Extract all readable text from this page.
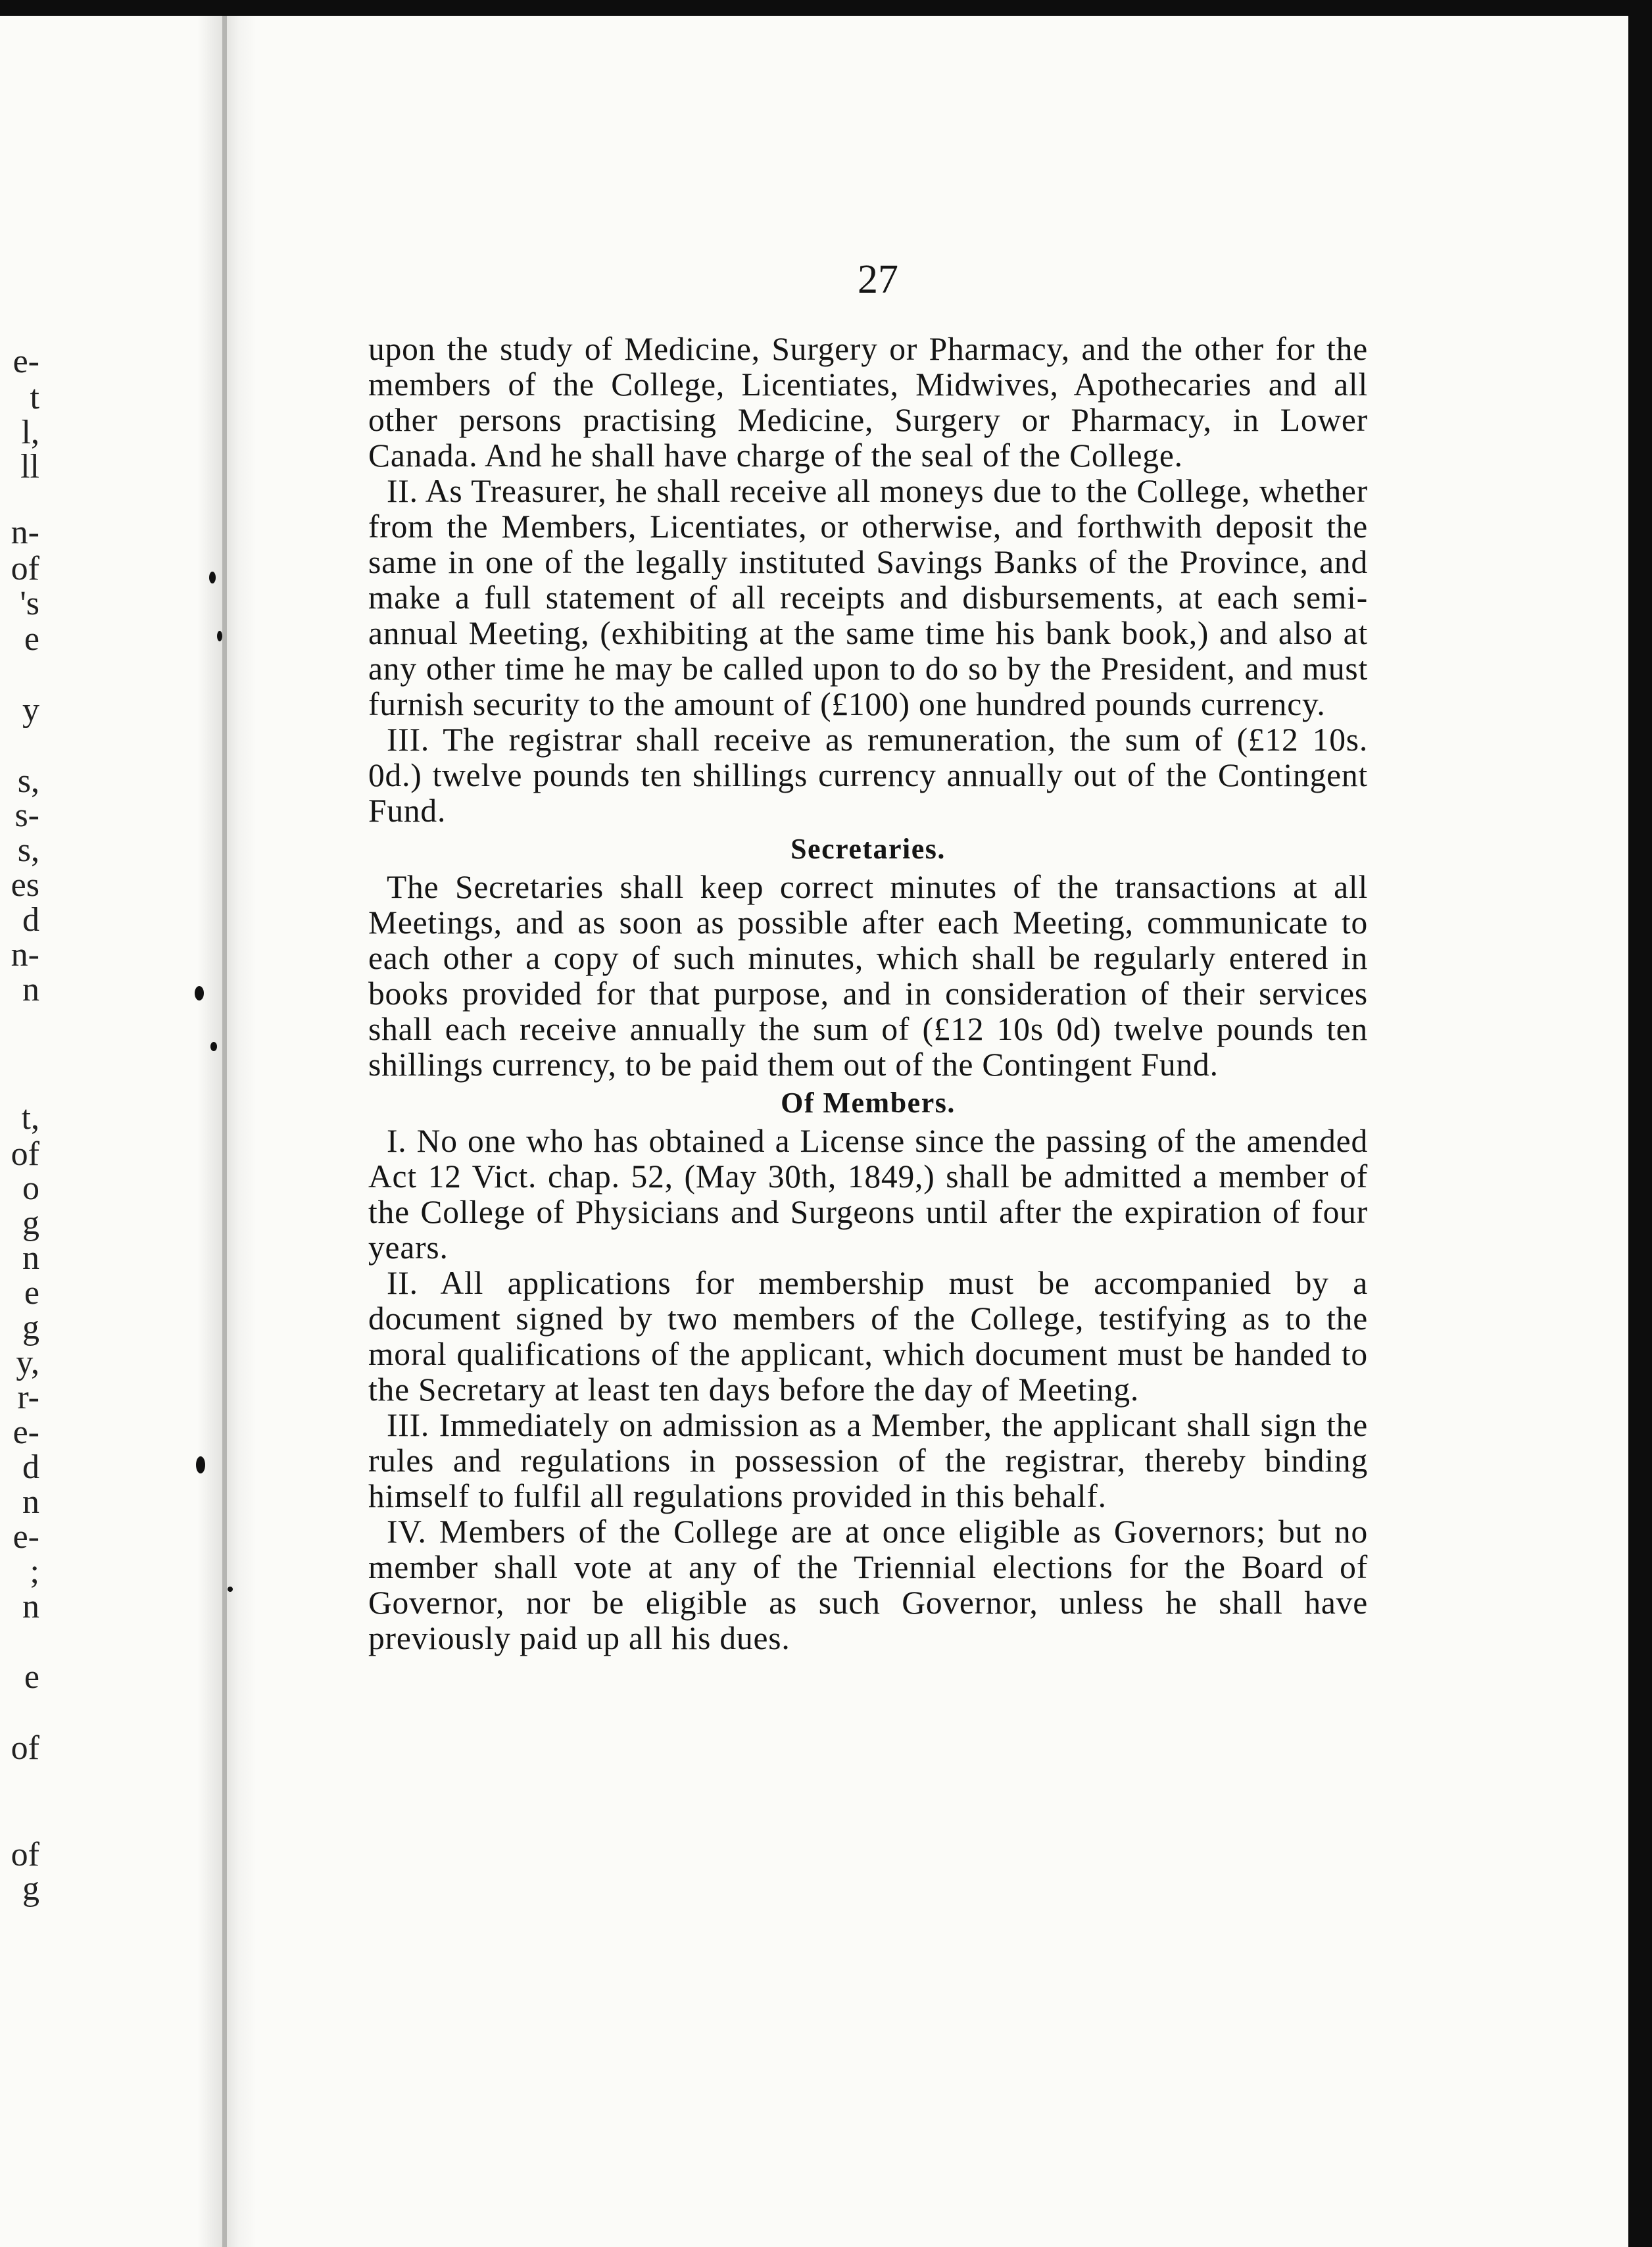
e-
t
l,
ll
n-
of
's
e
y
s,
s-
s,
es
d
n-
n
t,
of
o
g
n
e
g
y,
r-
e-
d
n
e-
;
n
e
of
of
g
27
upon the study of Medicine, Surgery or Pharmacy, and the other for the members of the College, Licentiates, Midwives, Apothecaries and all other persons practising Medicine, Surgery or Pharmacy, in Lower Canada. And he shall have charge of the seal of the College.
II. As Treasurer, he shall receive all moneys due to the College, whether from the Members, Licentiates, or otherwise, and forthwith deposit the same in one of the legally instituted Savings Banks of the Province, and make a full statement of all receipts and disbursements, at each semi-annual Meeting, (exhibiting at the same time his bank book,) and also at any other time he may be called upon to do so by the President, and must furnish security to the amount of (£100) one hundred pounds currency.
III. The registrar shall receive as remuneration, the sum of (£12 10s. 0d.) twelve pounds ten shillings currency annually out of the Contingent Fund.
Secretaries.
The Secretaries shall keep correct minutes of the transactions at all Meetings, and as soon as possible after each Meeting, communicate to each other a copy of such minutes, which shall be regularly entered in books provided for that purpose, and in consideration of their services shall each receive annually the sum of (£12 10s 0d) twelve pounds ten shillings currency, to be paid them out of the Contingent Fund.
Of Members.
I. No one who has obtained a License since the passing of the amended Act 12 Vict. chap. 52, (May 30th, 1849,) shall be admitted a member of the College of Physicians and Surgeons until after the expiration of four years.
II. All applications for membership must be accompanied by a document signed by two members of the College, testifying as to the moral qualifications of the applicant, which document must be handed to the Secretary at least ten days before the day of Meeting.
III. Immediately on admission as a Member, the applicant shall sign the rules and regulations in possession of the registrar, thereby binding himself to fulfil all regulations provided in this behalf.
IV. Members of the College are at once eligible as Governors; but no member shall vote at any of the Triennial elections for the Board of Governor, nor be eligible as such Governor, unless he shall have previously paid up all his dues.
